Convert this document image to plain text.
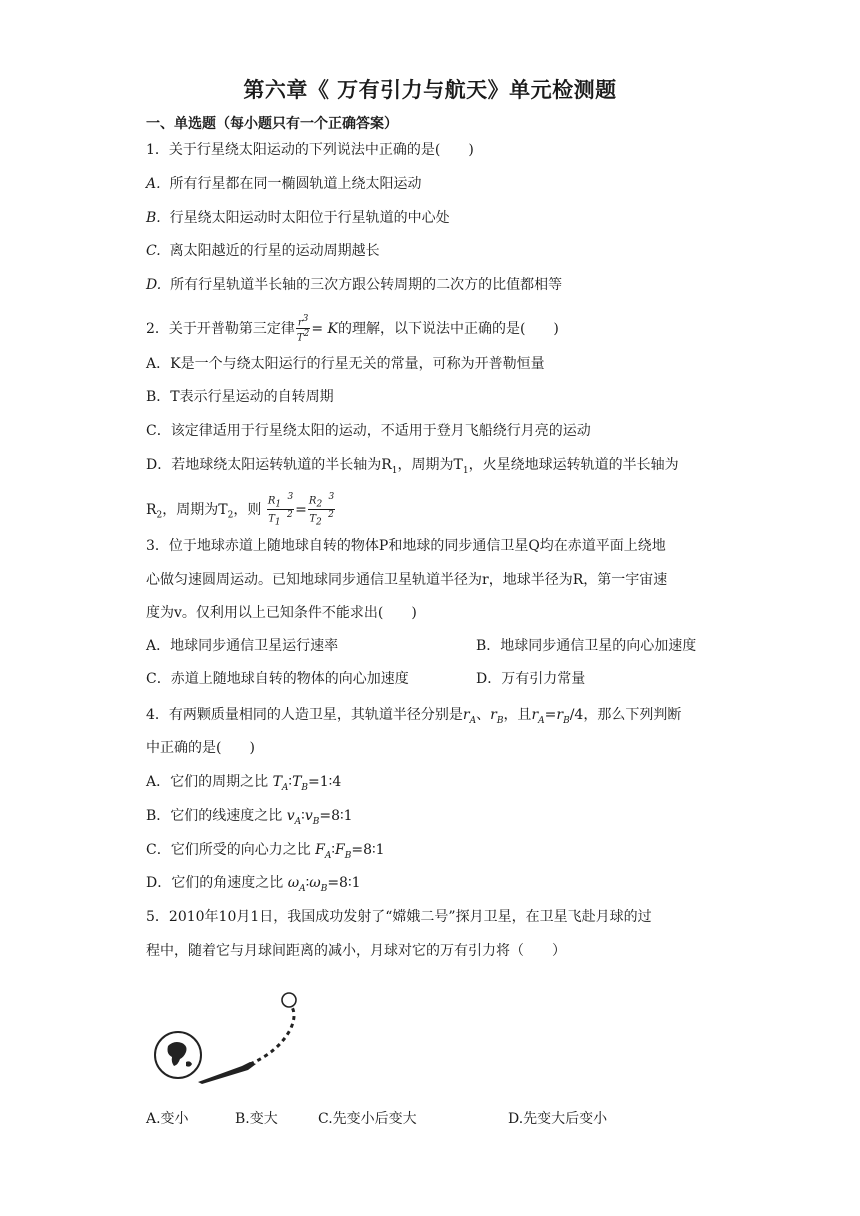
第六章《 万有引力与航天》单元检测题
一、单选题（每小题只有一个正确答案）
1．关于行星绕太阳运动的下列说法中正确的是(　　)
A. 所有行星都在同一椭圆轨道上绕太阳运动
B. 行星绕太阳运动时太阳位于行星轨道的中心处
C. 离太阳越近的行星的运动周期越长
D. 所有行星轨道半长轴的三次方跟公转周期的二次方的比值都相等
2．关于开普勒第三定律 $\frac{r3}{T2} = K$的理解，以下说法中正确的是(　　)
A．K是一个与绕太阳运行的行星无关的常量，可称为开普勒恒量
B．T表示行星运动的自转周期
C．该定律适用于行星绕太阳的运动，不适用于登月飞船绕行月亮的运动
D．若地球绕太阳运转轨道的半长轴为$R_1$，周期为$T_1$，火星绕地球运转轨道的半长轴为
$R_2$，周期为$T_2$，则 $\frac{R1 3}{T1 2} = \frac{R2 3}{T2 2}$
3．位于地球赤道上随地球自转的物体P和地球的同步通信卫星Q均在赤道平面上绕地
心做匀速圆周运动。已知地球同步通信卫星轨道半径为r，地球半径为R，第一宇宙速
度为v。仅利用以上已知条件不能求出(　　)
A．地球同步通信卫星运行速率	B．地球同步通信卫星的向心加速度
C．赤道上随地球自转的物体的向心加速度	D．万有引力常量
4．有两颗质量相同的人造卫星，其轨道半径分别是$r_A$、$r_B$，且$r_A=r_B/4$，那么下列判断
中正确的是(　　)
A．它们的周期之比 $T_A∶T_B=1∶4$
B．它们的线速度之比 $v_A∶v_B=8∶1$
C．它们所受的向心力之比 $F_A∶F_B=8∶1$
D．它们的角速度之比 $\omega_A∶\omega_B=8∶1$
5．2010年10月1日，我国成功发射了“嫦娥二号”探月卫星，在卫星飞赴月球的过
程中，随着它与月球间距离的减小，月球对它的万有引力将（　　）
A.变小	B.变大	C.先变小后变大	D.先变大后变小
